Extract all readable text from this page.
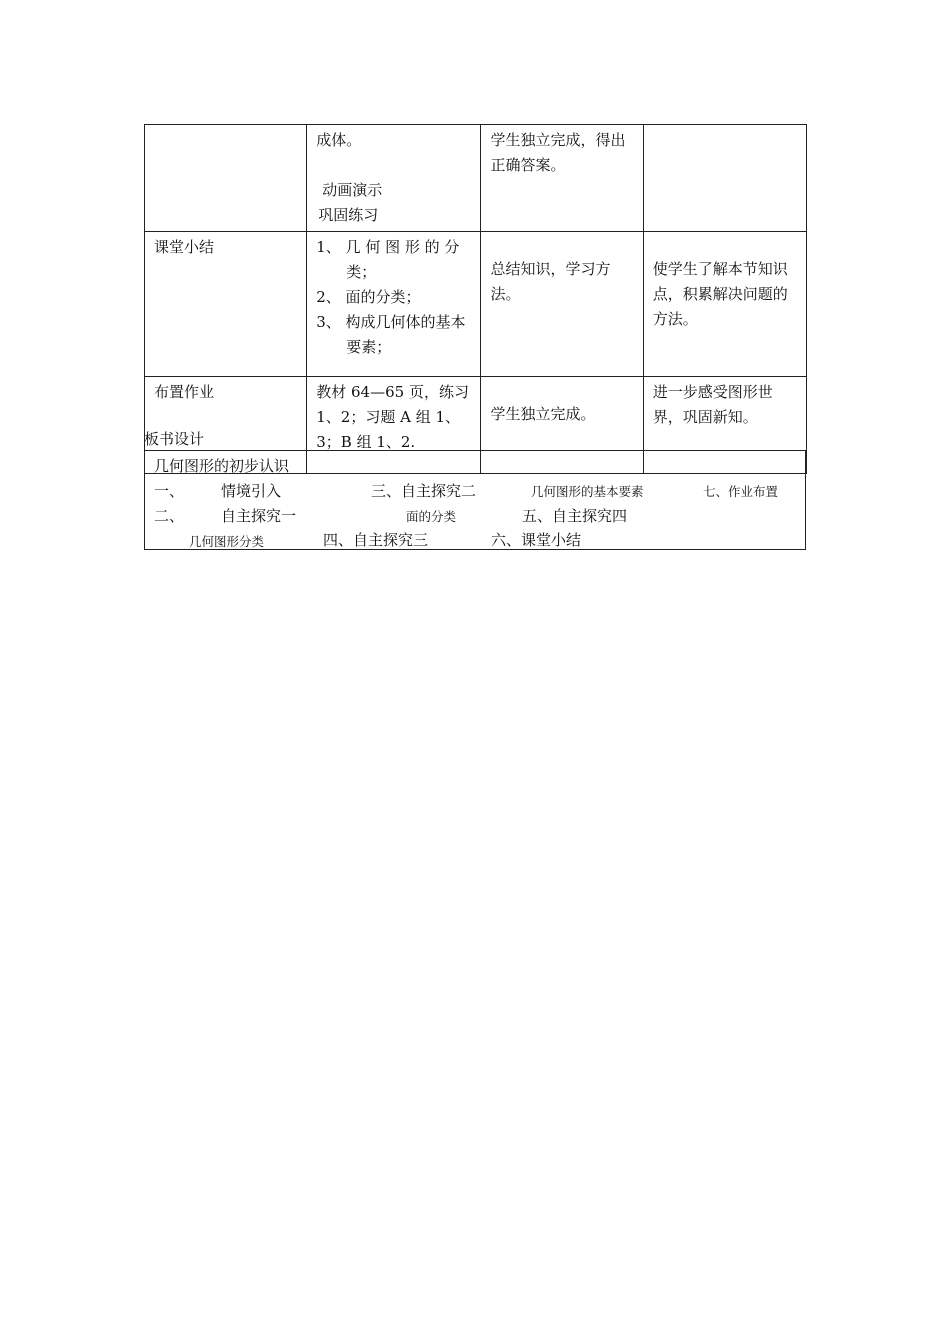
	成体。
动画演示
巩固练习	学生独立完成，得出正确答案。	
课堂小结	1、 几 何 图 形 的 分 类；
2、 面的分类；
3、 构成几何体的基本要素；	总结知识，学习方法。	使学生了解本节知识点，积累解决问题的方法。
布置作业	教材 64—65 页，练习 1、2；习题 A 组 1、3；B 组 1、2.	学生独立完成。	进一步感受图形世界，巩固新知。
板书设计
几何图形的初步认识
一、 情境引入	三、自主探究二	几何图形的基本要素	七、作业布置
二、 自主探究一	面的分类	五、自主探究四
几何图形分类	四、自主探究三	六、课堂小结
